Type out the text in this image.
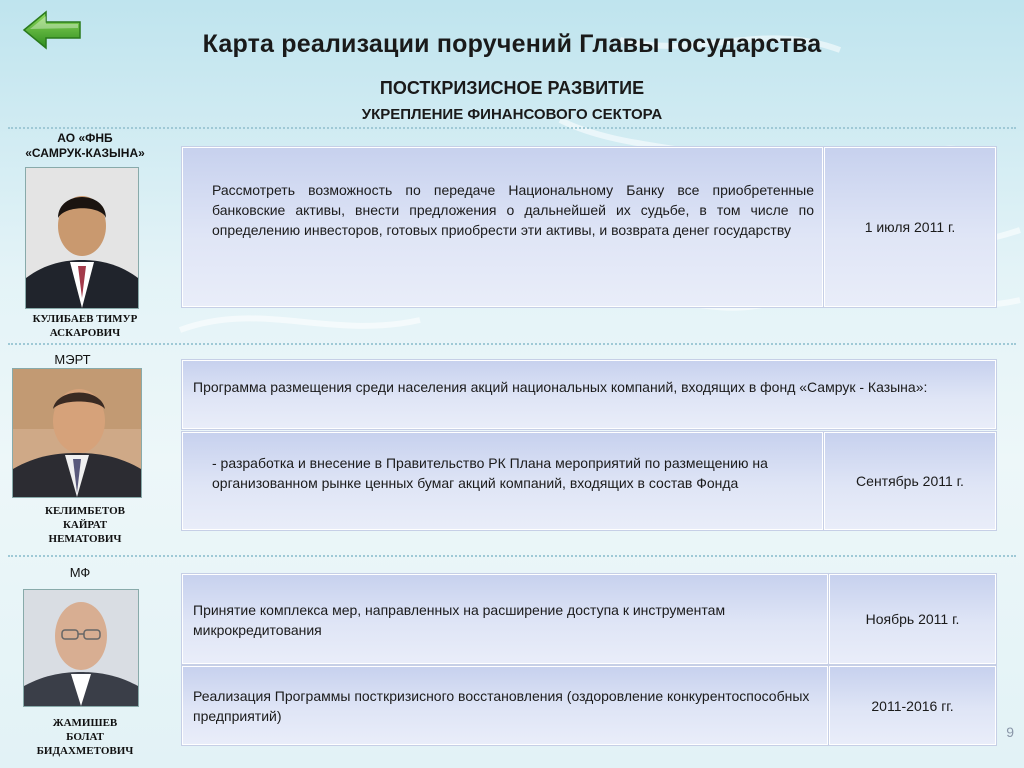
Карта реализации поручений Главы государства
ПОСТКРИЗИСНОЕ РАЗВИТИЕ
УКРЕПЛЕНИЕ ФИНАНСОВОГО СЕКТОРА
АО «ФНБ
«САМРУК-КАЗЫНА»
КУЛИБАЕВ ТИМУР
АСКАРОВИЧ
Рассмотреть возможность по передаче Национальному Банку все приобретенные банковские активы, внести предложения о дальнейшей их судьбе, в том числе по определению инвесторов, готовых приобрести эти активы, и возврата денег государству	1 июля 2011 г.
МЭРТ
КЕЛИМБЕТОВ
КАЙРАТ
НЕМАТОВИЧ
Программа размещения среди населения акций национальных компаний, входящих в фонд «Самрук - Казына»:
- разработка и внесение в Правительство РК Плана мероприятий по размещению на организованном рынке ценных бумаг акций компаний, входящих в состав Фонда	Сентябрь 2011 г.
МФ
ЖАМИШЕВ
БОЛАТ
БИДАХМЕТОВИЧ
Принятие комплекса мер, направленных на расширение доступа к инструментам микрокредитования
Ноябрь 2011 г.
Реализация Программы посткризисного восстановления (оздоровление конкурентоспособных предприятий)
2011-2016 гг.
9
